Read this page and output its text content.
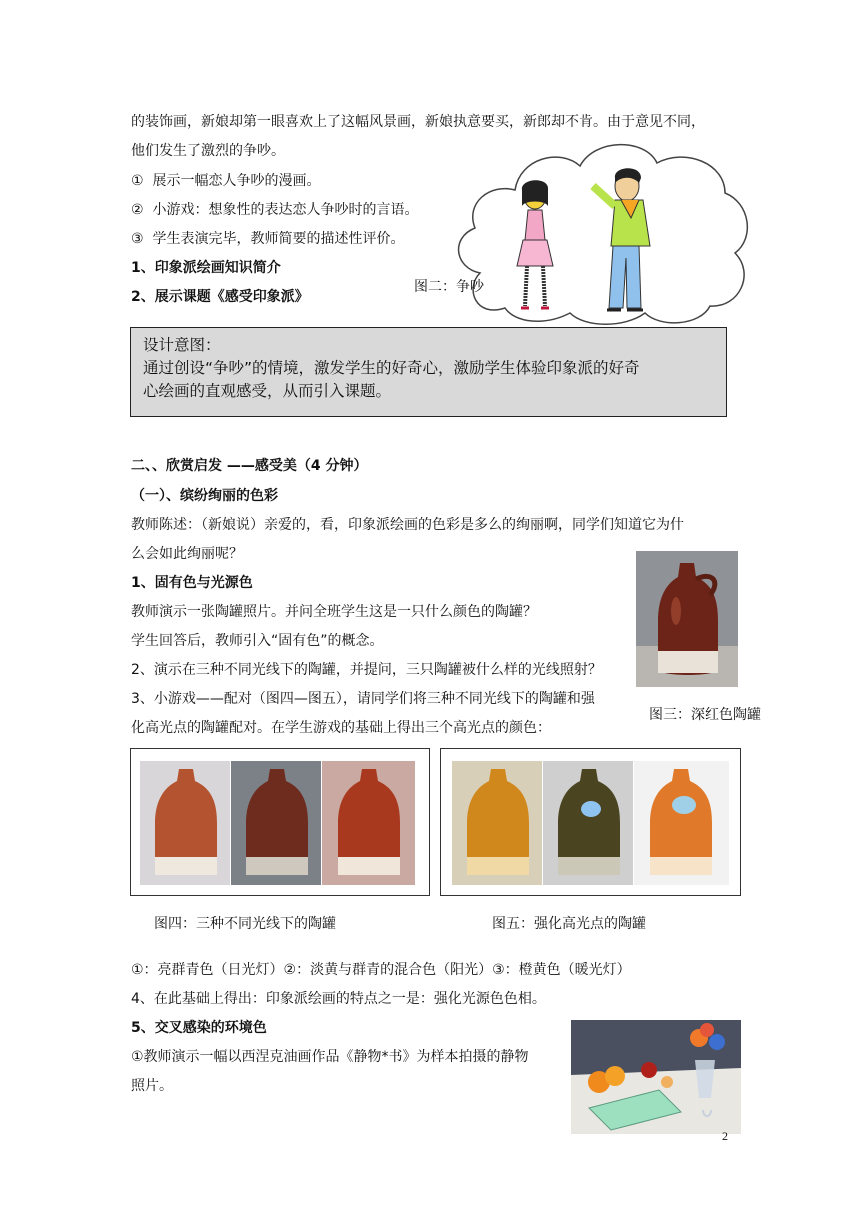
的装饰画，新娘却第一眼喜欢上了这幅风景画，新娘执意要买，新郎却不肯。由于意见不同，
他们发生了激烈的争吵。
① 展示一幅恋人争吵的漫画。
② 小游戏：想象性的表达恋人争吵时的言语。
③ 学生表演完毕，教师简要的描述性评价。
1、印象派绘画知识简介
2、展示课题《感受印象派》
图二：争吵
设计意图：
通过创设“争吵”的情境，激发学生的好奇心，激励学生体验印象派的好奇
心绘画的直观感受，从而引入课题。
二、、欣赏启发 ——感受美（4 分钟）
（一）、缤纷绚丽的色彩
教师陈述：（新娘说）亲爱的，看，印象派绘画的色彩是多么的绚丽啊，同学们知道它为什
么会如此绚丽呢？
1、固有色与光源色
教师演示一张陶罐照片。并问全班学生这是一只什么颜色的陶罐？
学生回答后，教师引入“固有色”的概念。
2、演示在三种不同光线下的陶罐，并提问，三只陶罐被什么样的光线照射？
3、小游戏——配对（图四—图五），请同学们将三种不同光线下的陶罐和强
化高光点的陶罐配对。在学生游戏的基础上得出三个高光点的颜色：
图三：深红色陶罐
图四：三种不同光线下的陶罐	图五：强化高光点的陶罐
①：亮群青色（日光灯）②：淡黄与群青的混合色（阳光）③：橙黄色（暖光灯）
4、在此基础上得出：印象派绘画的特点之一是：强化光源色色相。
5、交叉感染的环境色
①教师演示一幅以西涅克油画作品《静物*书》为样本拍摄的静物
照片。
2
